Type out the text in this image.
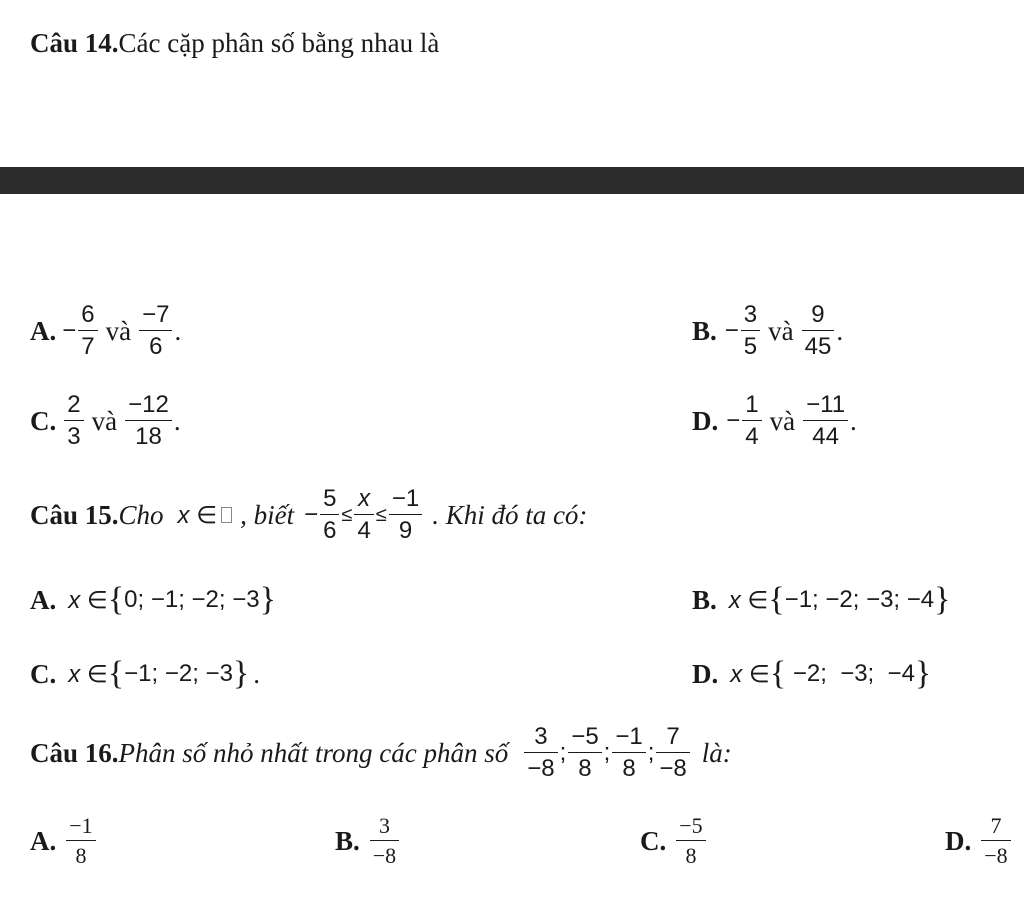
Câu 14.Các cặp phân số bằng nhau là
A. −
6
7
và
−7
6
.	B. −
3
5
và
9
45
.
C.
2
3
và
−12
18
.	D. −
1
4
và
−11
44
.
Câu 15. Cho x ∈ , biết −
5
6
≤
x
4
≤
−1
9
. Khi đó ta có:
A. x ∈ { 0; −1; −2; −3 }	B. x ∈ { −1; −2; −3; −4 }
C. x ∈ { −1; −2; −3 } .	D. x ∈ { −2;  −3;  −4 }
Câu 16. Phân số nhỏ nhất trong các phân số
3
−8
;
−5
8
;
−1
8
;
7
−8
là:
A. −1
8	B. 3
−8	C. −5
8	D. 7
−8
